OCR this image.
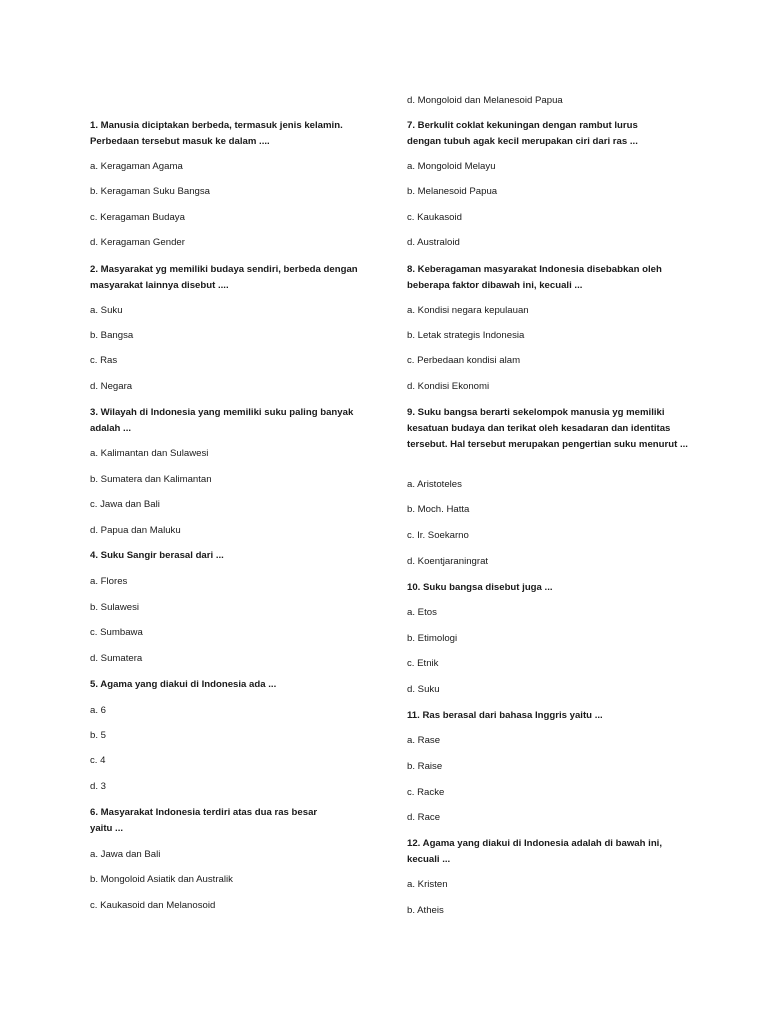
1. Manusia diciptakan berbeda, termasuk jenis kelamin. Perbedaan tersebut masuk ke dalam ....

a. Keragaman Agama
b. Keragaman Suku Bangsa
c. Keragaman Budaya
d. Keragaman Gender

2. Masyarakat yg memiliki budaya sendiri, berbeda dengan masyarakat lainnya disebut ....

a. Suku
b. Bangsa
c. Ras
d. Negara

3. Wilayah di Indonesia yang memiliki suku paling banyak adalah ...

a. Kalimantan dan Sulawesi
b. Sumatera dan Kalimantan
c. Jawa dan Bali
d. Papua dan Maluku

4. Suku Sangir berasal dari ...

a. Flores
b. Sulawesi
c. Sumbawa
d. Sumatera

5. Agama yang diakui di Indonesia ada ...

a. 6
b. 5
c. 4
d. 3

6. Masyarakat Indonesia terdiri atas dua ras besar yaitu ...

a. Jawa dan Bali
b. Mongoloid Asiatik dan Australik
c. Kaukasoid dan Melanosoid
d. Mongoloid dan Melanesoid Papua

7. Berkulit coklat kekuningan dengan rambut lurus dengan tubuh agak kecil merupakan ciri dari ras ...

a. Mongoloid Melayu
b. Melanesoid Papua
c. Kaukasoid
d. Australoid

8. Keberagaman masyarakat Indonesia disebabkan oleh beberapa faktor dibawah ini, kecuali ...

a. Kondisi negara kepulauan
b. Letak strategis Indonesia
c. Perbedaan kondisi alam
d. Kondisi Ekonomi

9. Suku bangsa berarti sekelompok manusia yg memiliki kesatuan budaya dan terikat oleh kesadaran dan identitas tersebut. Hal tersebut merupakan pengertian suku menurut ...

a. Aristoteles
b. Moch. Hatta
c. Ir. Soekarno
d. Koentjaraningrat

10. Suku bangsa disebut juga ...

a. Etos
b. Etimologi
c. Etnik
d. Suku

11. Ras berasal dari bahasa Inggris yaitu ...

a. Rase
b. Raise
c. Racke
d. Race

12. Agama yang diakui di Indonesia adalah di bawah ini, kecuali ...

a. Kristen
b. Atheis
